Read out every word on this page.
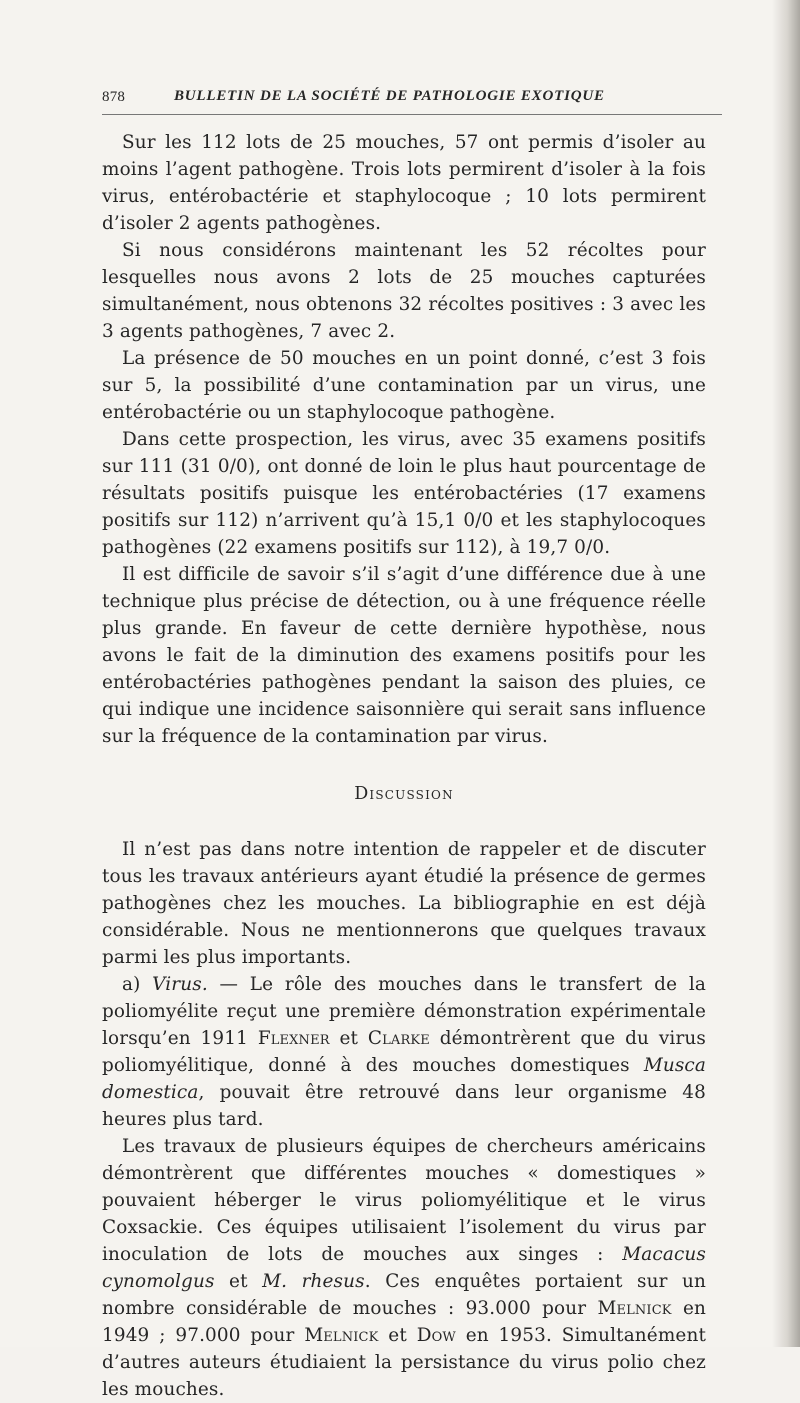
878	BULLETIN DE LA SOCIÉTÉ DE PATHOLOGIE EXOTIQUE

Sur les 112 lots de 25 mouches, 57 ont permis d’isoler au moins l’agent pathogène. Trois lots permirent d’isoler à la fois virus, entérobactérie et staphylocoque ; 10 lots permirent d’isoler 2 agents pathogènes.

Si nous considérons maintenant les 52 récoltes pour lesquelles nous avons 2 lots de 25 mouches capturées simultanément, nous obtenons 32 récoltes positives : 3 avec les 3 agents pathogènes, 7 avec 2.

La présence de 50 mouches en un point donné, c’est 3 fois sur 5, la possibilité d’une contamination par un virus, une entérobactérie ou un staphylocoque pathogène.

Dans cette prospection, les virus, avec 35 examens positifs sur 111 (31 0/0), ont donné de loin le plus haut pourcentage de résultats positifs puisque les entérobactéries (17 examens positifs sur 112) n’arrivent qu’à 15,1 0/0 et les staphylocoques pathogènes (22 examens positifs sur 112), à 19,7 0/0.

Il est difficile de savoir s’il s’agit d’une différence due à une technique plus précise de détection, ou à une fréquence réelle plus grande. En faveur de cette dernière hypothèse, nous avons le fait de la diminution des examens positifs pour les entérobactéries pathogènes pendant la saison des pluies, ce qui indique une incidence saisonnière qui serait sans influence sur la fréquence de la contamination par virus.

Discussion

Il n’est pas dans notre intention de rappeler et de discuter tous les travaux antérieurs ayant étudié la présence de germes pathogènes chez les mouches. La bibliographie en est déjà considérable. Nous ne mentionnerons que quelques travaux parmi les plus importants.

a) Virus. — Le rôle des mouches dans le transfert de la poliomyélite reçut une première démonstration expérimentale lorsqu’en 1911 Flexner et Clarke démontrèrent que du virus poliomyélitique, donné à des mouches domestiques Musca domestica, pouvait être retrouvé dans leur organisme 48 heures plus tard.

Les travaux de plusieurs équipes de chercheurs américains démontrèrent que différentes mouches « domestiques » pouvaient héberger le virus poliomyélitique et le virus Coxsackie. Ces équipes utilisaient l’isolement du virus par inoculation de lots de mouches aux singes : Macacus cynomolgus et M. rhesus. Ces enquêtes portaient sur un nombre considérable de mouches : 93.000 pour Melnick en 1949 ; 97.000 pour Melnick et Dow en 1953. Simultanément d’autres auteurs étudiaient la persistance du virus polio chez les mouches.
